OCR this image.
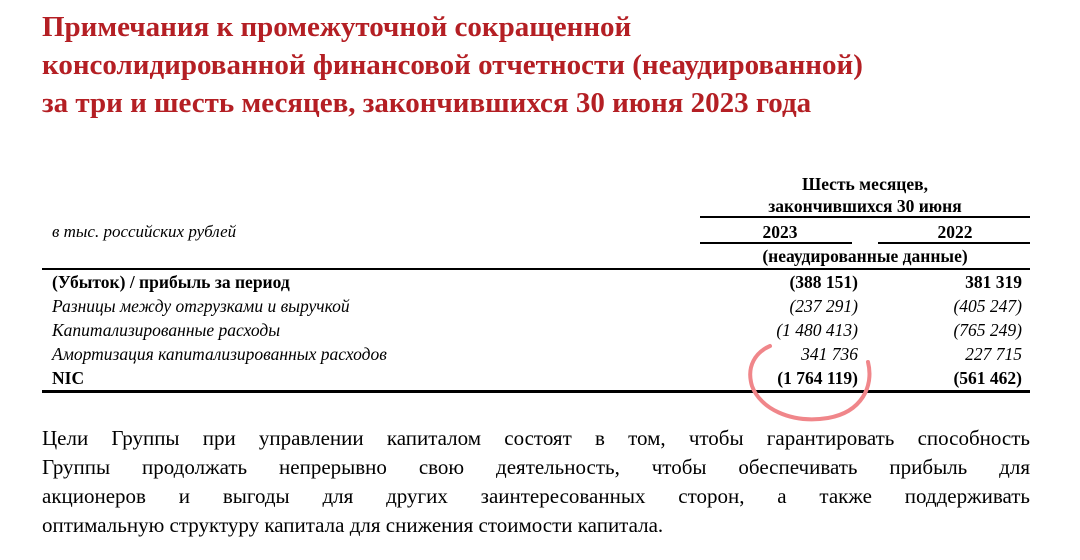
Примечания к промежуточной сокращенной
консолидированной финансовой отчетности (неаудированной)
за три и шесть месяцев, закончившихся 30 июня 2023 года
Шесть месяцев,
закончившихся 30 июня
в тыс. российских рублей	2023	2022
(неаудированные данные)
(Убыток) / прибыль за период	(388 151)	381 319
Разницы между отгрузками и выручкой	(237 291)	(405 247)
Капитализированные расходы	(1 480 413)	(765 249)
Амортизация капитализированных расходов	341 736	227 715
NIC	(1 764 119)	(561 462)
Цели Группы при управлении капиталом состоят в том, чтобы гарантировать способность
Группы продолжать непрерывно свою деятельность, чтобы обеспечивать прибыль для
акционеров и выгоды для других заинтересованных сторон, а также поддерживать
оптимальную структуру капитала для снижения стоимости капитала.
